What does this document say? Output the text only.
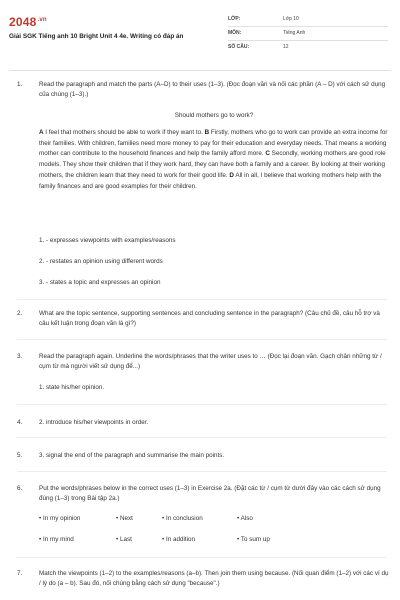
$2048^{.vn}$
Giải SGK Tiếng anh 10 Bright Unit 4 4e. Writing có đáp án
LỚP:	Lớp 10
MÔN:	Tiếng Anh
SỐ CÂU:	12
1.	Read the paragraph and match the parts (A–D) to their uses (1–3). (Đọc đoạn văn và nối các phần (A – D) với cách sử dụng của chúng (1–3).)
Should mothers go to work?
A I feel that mothers should be able to work if they want to. B Firstly, mothers who go to work can provide an extra income for their families. With children, families need more money to pay for their education and everyday needs. That means a working mother can contribute to the household finances and help the family afford more. C Secondly, working mothers are good role models. They show their children that if they work hard, they can have both a family and a career. By looking at their working mothers, the children learn that they need to work for their good life. D All in all, I believe that working mothers help with the family finances and are good examples for their children.
1. - expresses viewpoints with examples/reasons
2. - restates an opinion using different words
3. - states a topic and expresses an opinion
2.	What are the topic sentence, supporting sentences and concluding sentence in the paragraph? (Câu chủ đề, câu hỗ trợ và câu kết luận trong đoạn văn là gì?)
3.	Read the paragraph again. Underline the words/phrases that the writer uses to … (Đọc lại đoạn văn. Gạch chân những từ / cụm từ mà người viết sử dụng để...)
1. state his/her opinion.
4.	2. introduce his/her viewpoints in order.
5.	3. signal the end of the paragraph and summarise the main points.
6.	Put the words/phrases below in the correct uses (1–3) in Exercise 2a. (Đặt các từ / cụm từ dưới đây vào các cách sử dụng đúng (1–3) trong Bài tập 2a.)
• In my opinion	• Next	• In conclusion	• Also
• In my mind	• Last	• In addition	• To sum up
7.	Match the viewpoints (1–2) to the examples/reasons (a–b). Then join them using because. (Nối quan điểm (1–2) với các ví dụ / lý do (a – b). Sau đó, nối chúng bằng cách sử dụng "because".)
